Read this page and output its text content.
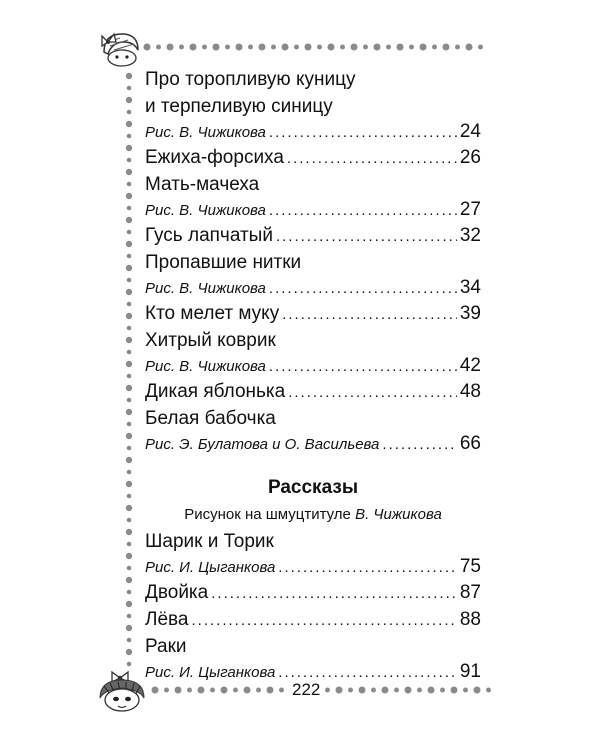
Про торопливую куницу
и терпеливую синицу
Рис. В. Чижикова .....	24
Ежиха-форсиха .....	26
Мать-мачеха
Рис. В. Чижикова .....	27
Гусь лапчатый .....	32
Пропавшие нитки
Рис. В. Чижикова .....	34
Кто мелет муку .....	39
Хитрый коврик
Рис. В. Чижикова .....	42
Дикая яблонька .....	48
Белая бабочка
Рис. Э. Булатова и О. Васильева .....	66
Рассказы
Рисунок на шмуцтитуле В. Чижикова
Шарик и Торик
Рис. И. Цыганкова .....	75
Двойка .....	87
Лёва .....	88
Раки
Рис. И. Цыганкова .....	91
222
